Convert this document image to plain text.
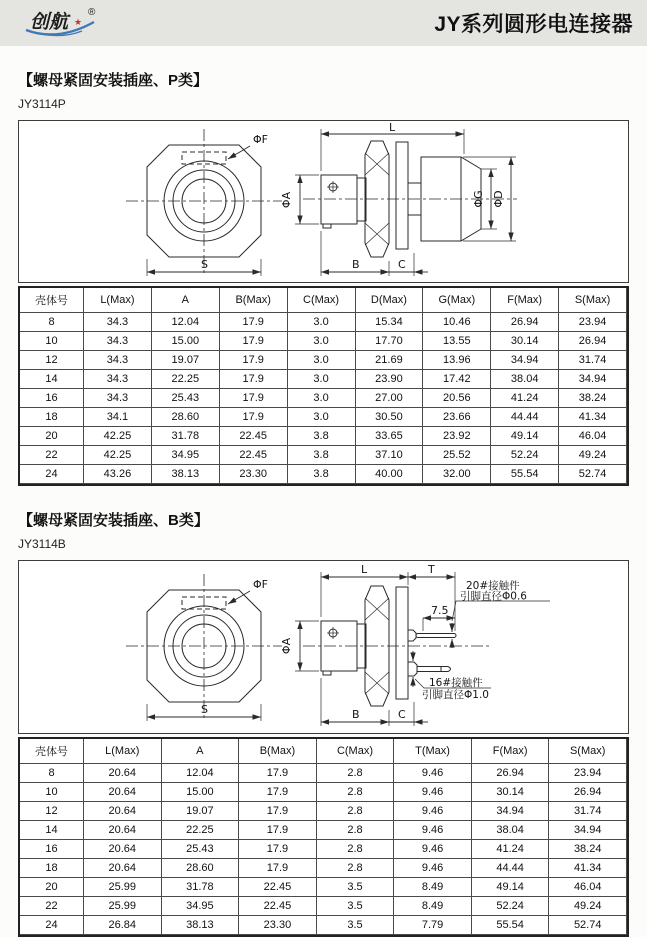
创航 ★
®
JY系列圆形电连接器
【螺母紧固安装插座、P类】
JY3114P
ΦF
S
L
ΦA	ΦG ΦD
B	C
壳体号	L(Max)	A	B(Max)	C(Max)	D(Max)	G(Max)	F(Max)	S(Max)
8	34.3	12.04	17.9	3.0	15.34	10.46	26.94	23.94
10	34.3	15.00	17.9	3.0	17.70	13.55	30.14	26.94
12	34.3	19.07	17.9	3.0	21.69	13.96	34.94	31.74
14	34.3	22.25	17.9	3.0	23.90	17.42	38.04	34.94
16	34.3	25.43	17.9	3.0	27.00	20.56	41.24	38.24
18	34.1	28.60	17.9	3.0	30.50	23.66	44.44	41.34
20	42.25	31.78	22.45	3.8	33.65	23.92	49.14	46.04
22	42.25	34.95	22.45	3.8	37.10	25.52	52.24	49.24
24	43.26	38.13	23.30	3.8	40.00	32.00	55.54	52.74
【螺母紧固安装插座、B类】
JY3114B
ΦF
S
L	T
7.5
20#接触件
引脚直径Φ0.6
16#接触件
引脚直径Φ1.0
ΦA
B	C
壳体号	L(Max)	A	B(Max)	C(Max)	T(Max)	F(Max)	S(Max)
8	20.64	12.04	17.9	2.8	9.46	26.94	23.94
10	20.64	15.00	17.9	2.8	9.46	30.14	26.94
12	20.64	19.07	17.9	2.8	9.46	34.94	31.74
14	20.64	22.25	17.9	2.8	9.46	38.04	34.94
16	20.64	25.43	17.9	2.8	9.46	41.24	38.24
18	20.64	28.60	17.9	2.8	9.46	44.44	41.34
20	25.99	31.78	22.45	3.5	8.49	49.14	46.04
22	25.99	34.95	22.45	3.5	8.49	52.24	49.24
24	26.84	38.13	23.30	3.5	7.79	55.54	52.74
